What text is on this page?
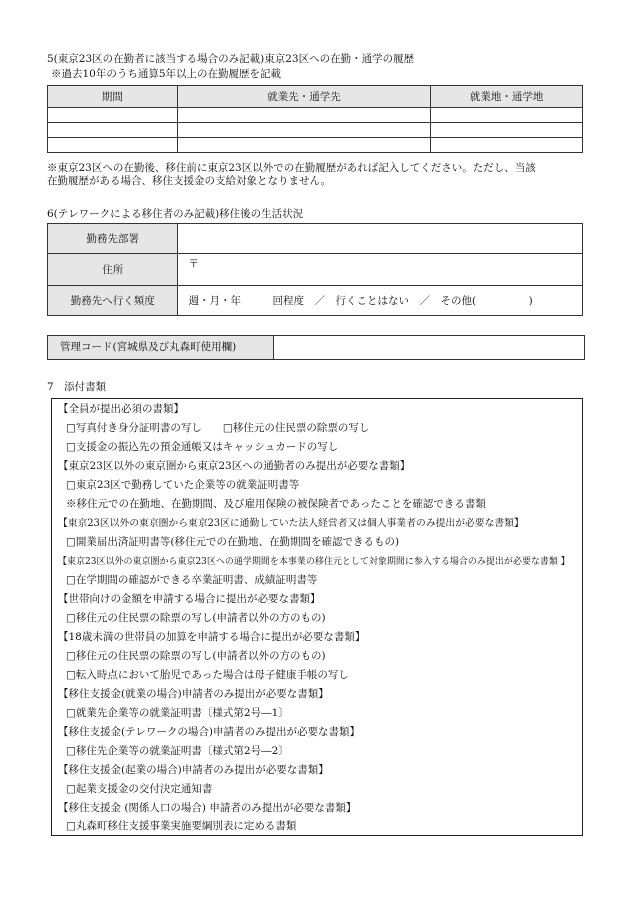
5(東京23区の在勤者に該当する場合のみ記載)東京23区への在勤・通学の履歴
※過去10年のうち通算5年以上の在勤履歴を記載
期間	就業先・通学先	就業地・通学地

※東京23区への在勤後、移住前に東京23区以外での在勤履歴があれば記入してください。ただし、当該
在勤履歴がある場合、移住支援金の支給対象となりません。
6(テレワークによる移住者のみ記載)移住後の生活状況
勤務先部署	
住所	〒
勤務先へ行く頻度	週・月・年　　　回程度　／　行くことはない　／　その他(　　　　　)
管理コード(宮城県及び丸森町使用欄)
7　添付書類
【全員が提出必須の書類】
□写真付き身分証明書の写し　　□移住元の住民票の除票の写し
□支援金の振込先の預金通帳又はキャッシュカードの写し
【東京23区以外の東京圏から東京23区への通勤者のみ提出が必要な書類】
□東京23区で勤務していた企業等の就業証明書等
※移住元での在勤地、在勤期間、及び雇用保険の被保険者であったことを確認できる書類
【東京23区以外の東京圏から東京23区に通勤していた法人経営者又は個人事業者のみ提出が必要な書類】
□開業届出済証明書等(移住元での在勤地、在勤期間を確認できるもの)
【東京23区以外の東京圏から東京23区への通学期間を本事業の移住元として対象期間に参入する場合のみ提出が必要な書類 】
□在学期間の確認ができる卒業証明書、成績証明書等
【世帯向けの金額を申請する場合に提出が必要な書類】
□移住元の住民票の除票の写し(申請者以外の方のもの)
【18歳未満の世帯員の加算を申請する場合に提出が必要な書類】
□移住元の住民票の除票の写し(申請者以外の方のもの)
□転入時点において胎児であった場合は母子健康手帳の写し
【移住支援金(就業の場合)申請者のみ提出が必要な書類】
□就業先企業等の就業証明書〔様式第2号―1〕
【移住支援金(テレワークの場合)申請者のみ提出が必要な書類】
□移住先企業等の就業証明書〔様式第2号―2〕
【移住支援金(起業の場合)申請者のみ提出が必要な書類】
□起業支援金の交付決定通知書
【移住支援金 (関係人口の場合) 申請者のみ提出が必要な書類】
□丸森町移住支援事業実施要綱別表に定める書類
